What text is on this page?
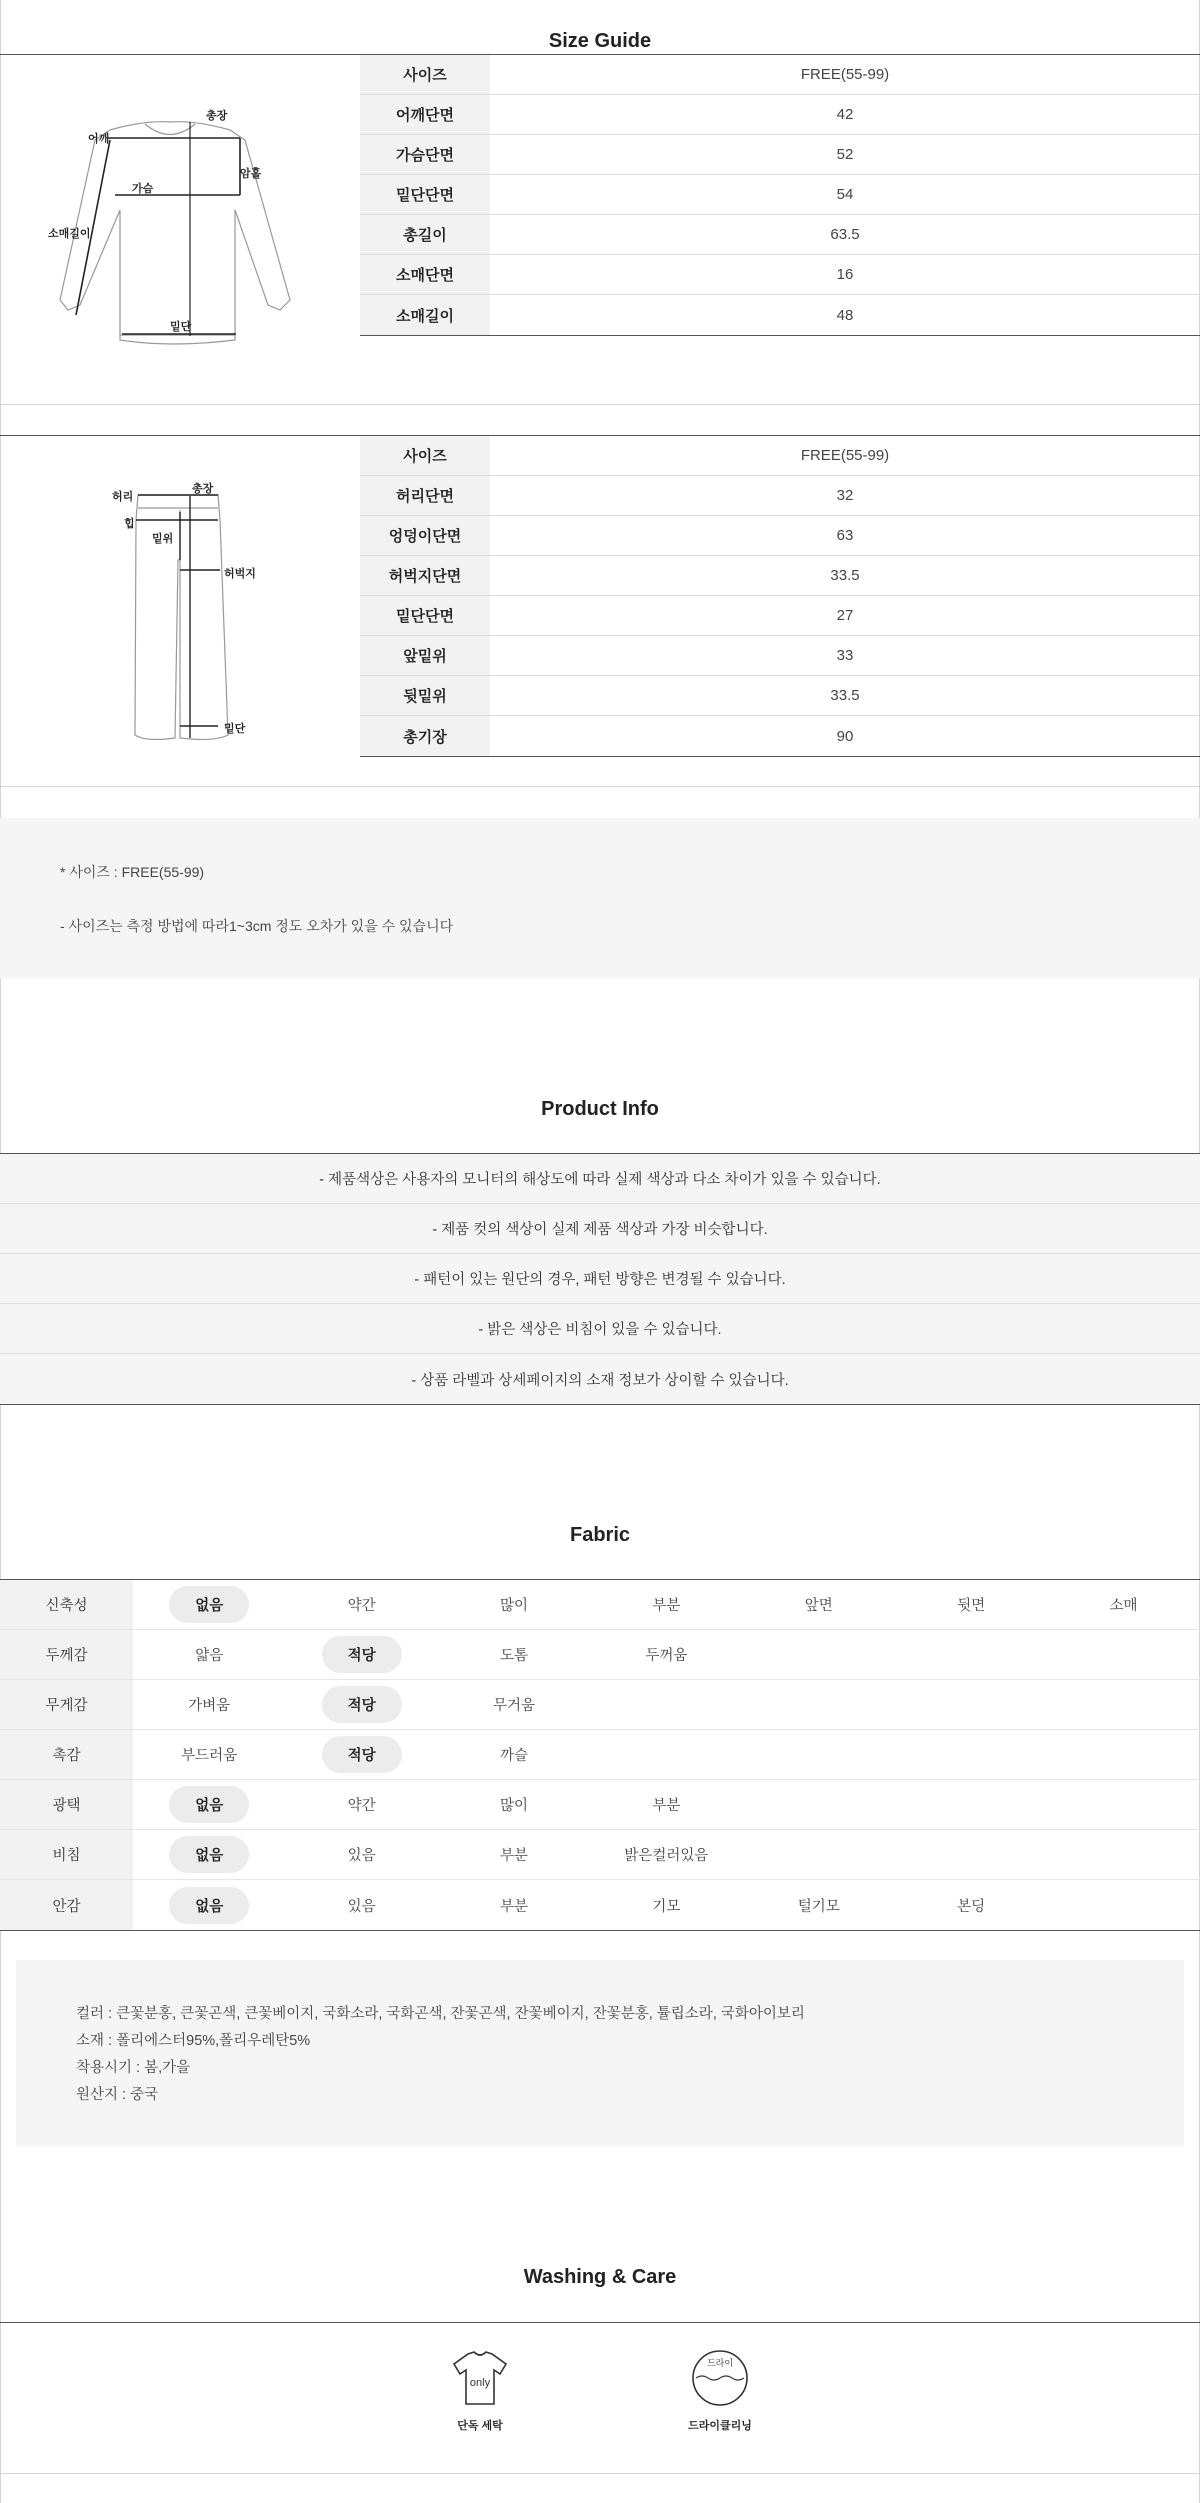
Size Guide
어깨
총장
가슴
암홀
소매길이
밑단
사이즈	FREE(55-99)
어깨단면	42
가슴단면	52
밑단단면	54
총길이	63.5
소매단면	16
소매길이	48
허리
총장
힙
밑위
허벅지
밑단
사이즈	FREE(55-99)
허리단면	32
엉덩이단면	63
허벅지단면	33.5
밑단단면	27
앞밑위	33
뒷밑위	33.5
총기장	90
* 사이즈 : FREE(55-99)
- 사이즈는 측정 방법에 따라1~3cm 정도 오차가 있을 수 있습니다
Product Info
- 제품색상은 사용자의 모니터의 해상도에 따라 실제 색상과 다소 차이가 있을 수 있습니다.
- 제품 컷의 색상이 실제 제품 색상과 가장 비슷합니다.
- 패턴이 있는 원단의 경우, 패턴 방향은 변경될 수 있습니다.
- 밝은 색상은 비침이 있을 수 있습니다.
- 상품 라벨과 상세페이지의 소재 정보가 상이할 수 있습니다.
Fabric
신축성	없음	약간	많이	부분	앞면	뒷면	소매
두께감	얇음	적당	도톰	두꺼움
무게감	가벼움	적당	무거움
촉감	부드러움	적당	까슬
광택	없음	약간	많이	부분
비침	없음	있음	부분	밝은컬러있음
안감	없음	있음	부분	기모	털기모	본딩
컬러 : 큰꽃분홍, 큰꽃곤색, 큰꽃베이지, 국화소라, 국화곤색, 잔꽃곤색, 잔꽃베이지, 잔꽃분홍, 튤립소라, 국화아이보리
소재 : 폴리에스터95%,폴리우레탄5%
착용시기 : 봄,가을
원산지 : 중국
Washing & Care
only
단독 세탁
드라이
드라이클리닝
